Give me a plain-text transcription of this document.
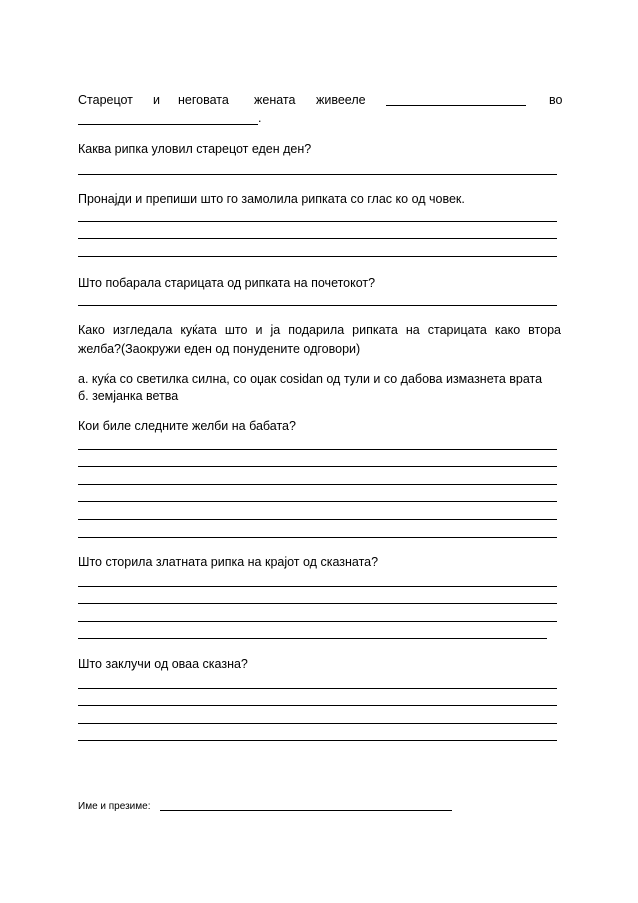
Старецот и неговата жената живееле	во
.
Каква рипка уловил старецот еден ден?
Пронајди и препиши што го замолила рипката со глас ко од човек.
Што побарала старицата од рипката на почетокот?
Како изгледала куќата што и ја подарила рипката на старицата како втора
желба?(Заокружи еден од понудените одговори)
а. куќа со светилка силна, со оџак cosidan од тули и со дабова измазнета врата
б. земјанка ветва
Кои биле следните желби на бабата?
Што сторила златната рипка на крајот од сказната?
Што заклучи од оваа сказна?
Име и презиме:
